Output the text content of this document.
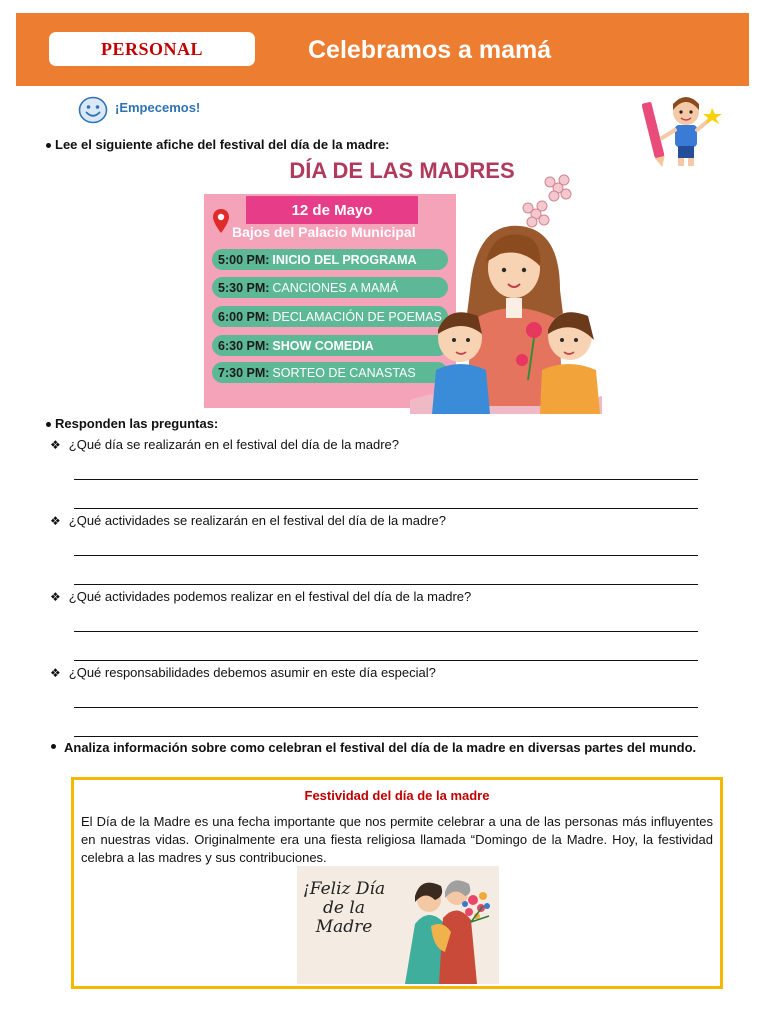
PERSONAL	Celebramos a mamá
¡Empecemos!
Lee el siguiente afiche del festival del día de la madre:
DÍA DE LAS MADRES
12 de Mayo
Bajos del Palacio Municipal
5:00 PM: INICIO DEL PROGRAMA
5:30 PM: CANCIONES A MAMÁ
6:00 PM: DECLAMACIÓN DE POEMAS
6:30 PM: SHOW COMEDIA
7:30 PM: SORTEO DE CANASTAS
Responden las preguntas:
❖ ¿Qué día se realizarán en el festival del día de la madre?
❖ ¿Qué actividades se realizarán en el festival del día de la madre?
❖ ¿Qué actividades podemos realizar en el festival del día de la madre?
❖ ¿Qué responsabilidades debemos asumir en este día especial?
Analiza información sobre como celebran el festival del día de la madre en diversas partes del mundo.
Festividad del día de la madre
El Día de la Madre es una fecha importante que nos permite celebrar a una de las personas más influyentes en nuestras vidas. Originalmente era una fiesta religiosa llamada “Domingo de la Madre. Hoy, la festividad celebra a las madres y sus contribuciones.
¡Feliz Día de la Madre
